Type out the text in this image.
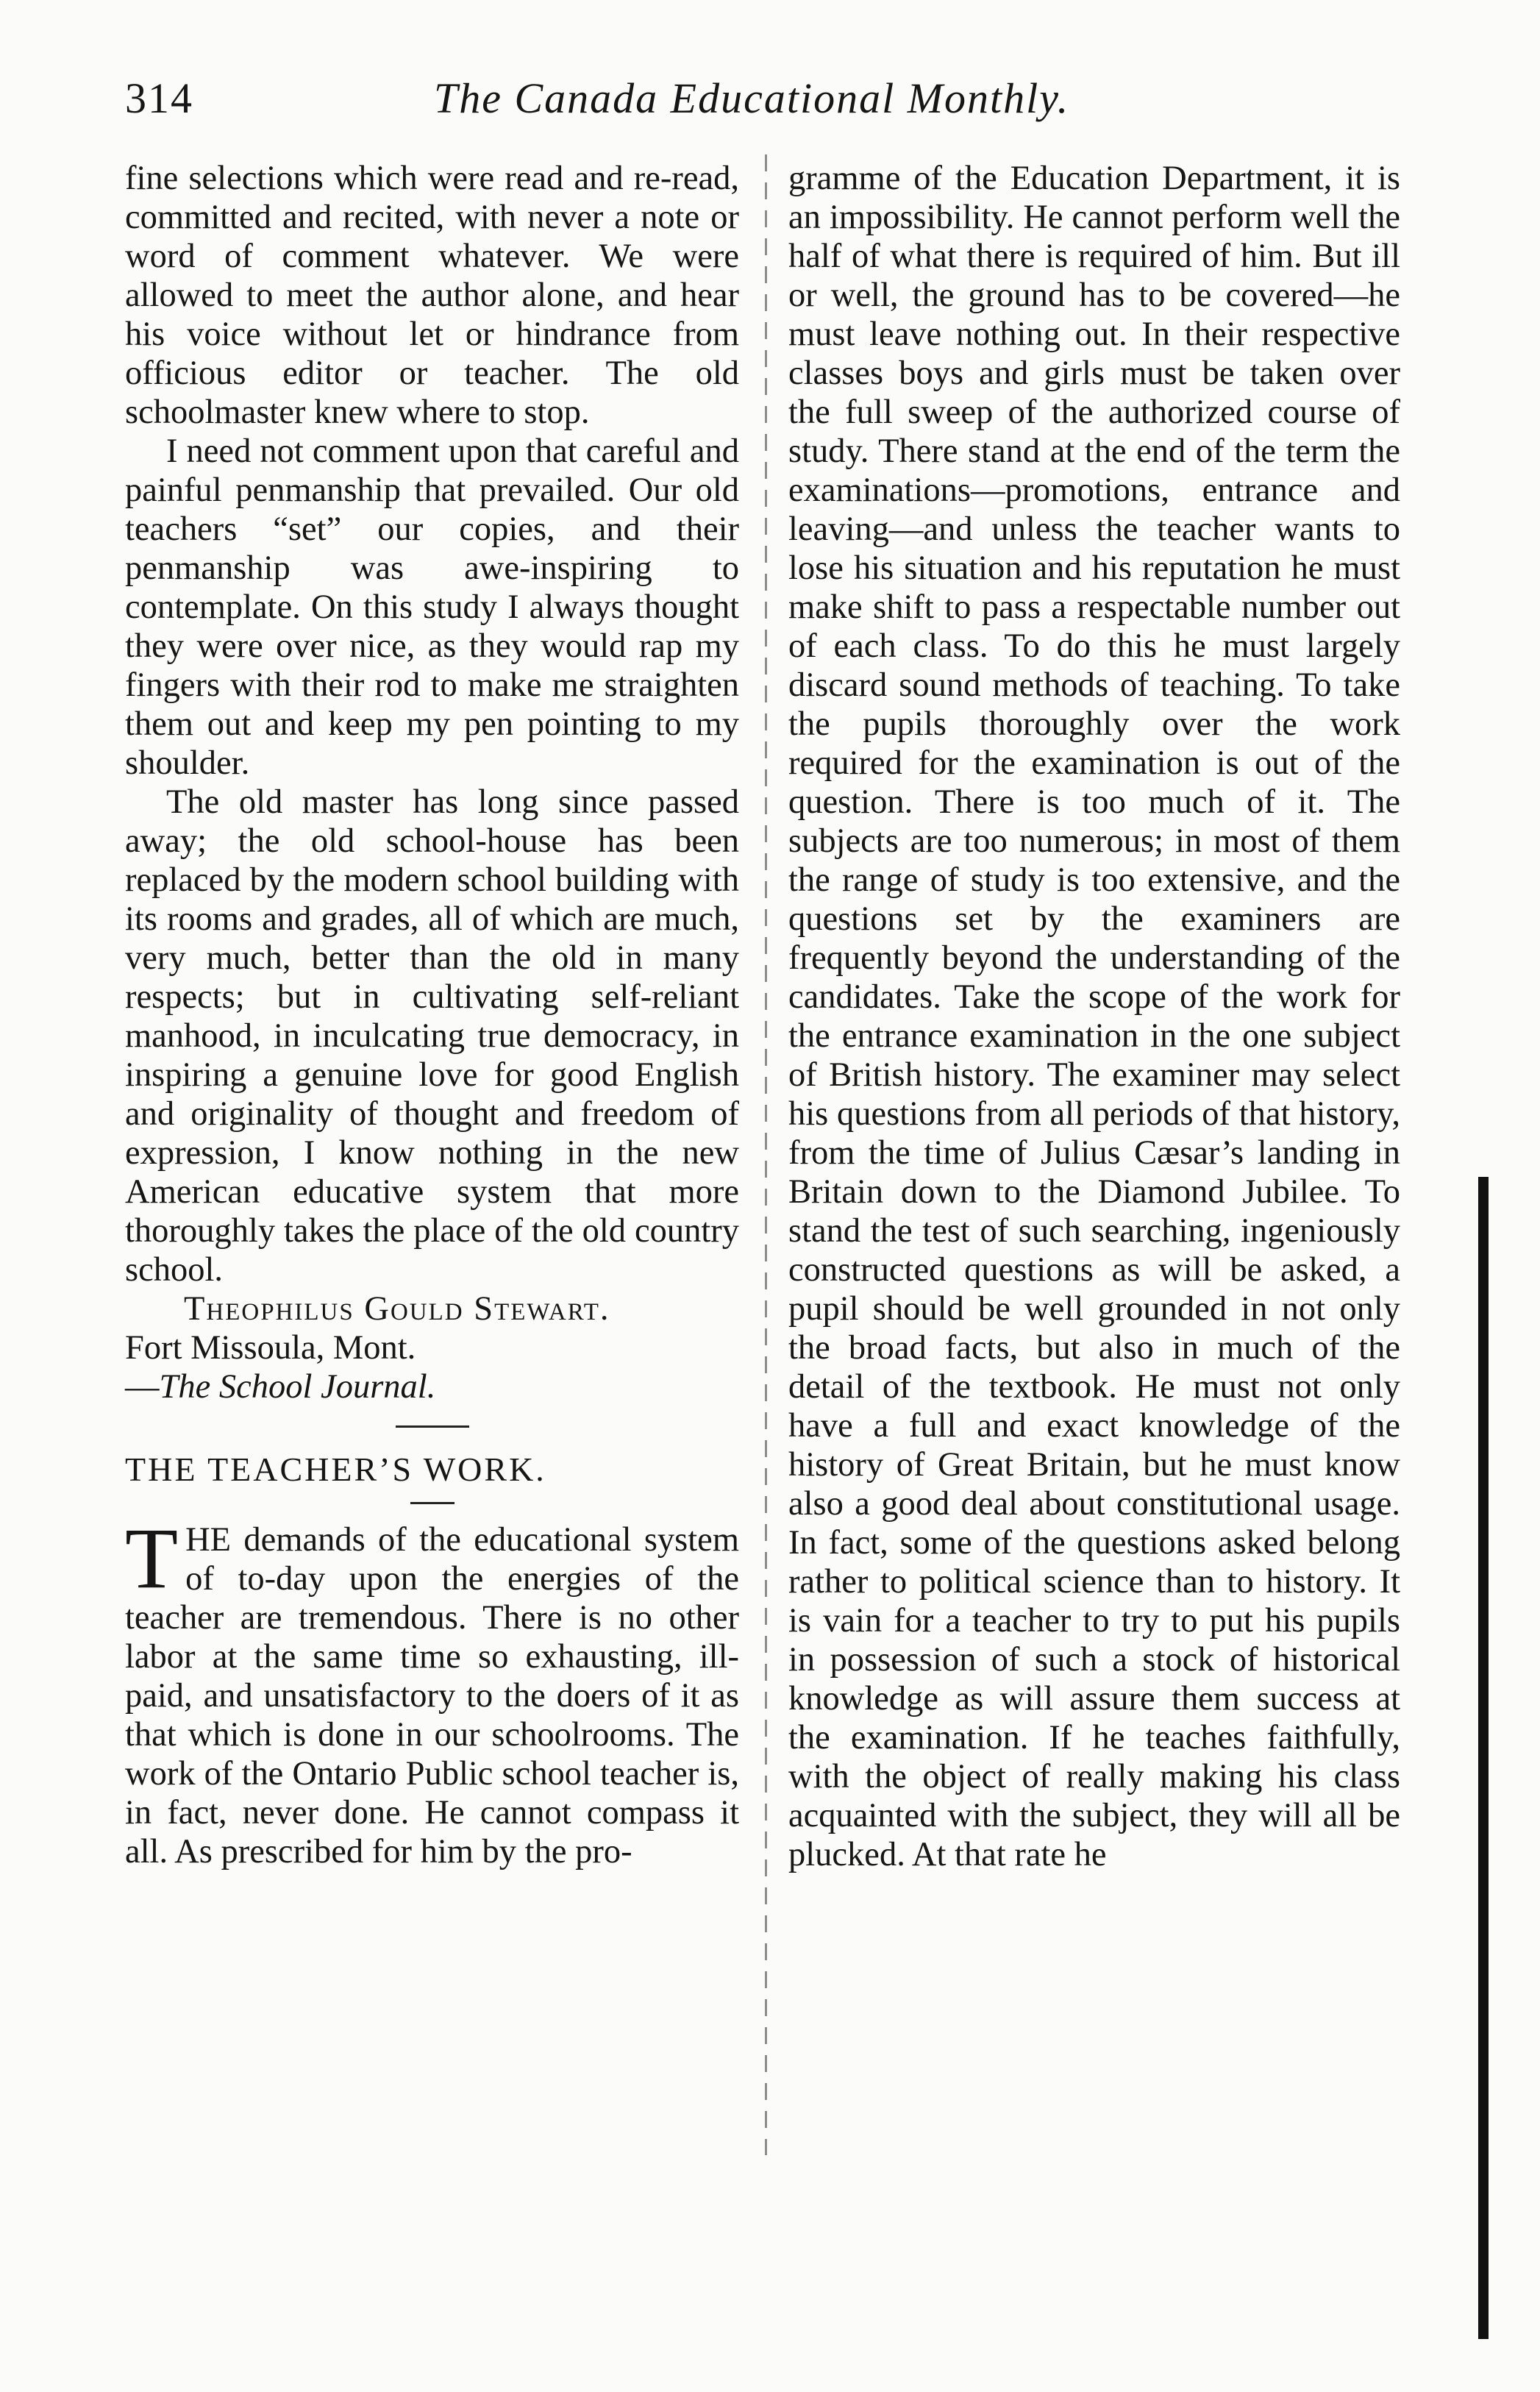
314	The Canada Educational Monthly.

fine selections which were read and re-read, committed and recited, with never a note or word of comment whatever. We were allowed to meet the author alone, and hear his voice without let or hindrance from officious editor or teacher. The old schoolmaster knew where to stop.

I need not comment upon that careful and painful penmanship that prevailed. Our old teachers “set” our copies, and their penmanship was awe-inspiring to contemplate. On this study I always thought they were over nice, as they would rap my fingers with their rod to make me straighten them out and keep my pen pointing to my shoulder.

The old master has long since passed away; the old school-house has been replaced by the modern school building with its rooms and grades, all of which are much, very much, better than the old in many respects; but in cultivating self-reliant manhood, in inculcating true democracy, in inspiring a genuine love for good English and originality of thought and freedom of expression, I know nothing in the new American educative system that more thoroughly takes the place of the old country school.

Theophilus Gould Stewart.

Fort Missoula, Mont.

—The School Journal.

THE TEACHER’S WORK.

THE demands of the educational system of to-day upon the energies of the teacher are tremendous. There is no other labor at the same time so exhausting, ill-paid, and unsatisfactory to the doers of it as that which is done in our schoolrooms. The work of the Ontario Public school teacher is, in fact, never done. He cannot compass it all. As prescribed for him by the pro-

gramme of the Education Department, it is an impossibility. He cannot perform well the half of what there is required of him. But ill or well, the ground has to be covered—he must leave nothing out. In their respective classes boys and girls must be taken over the full sweep of the authorized course of study. There stand at the end of the term the examinations—promotions, entrance and leaving—and unless the teacher wants to lose his situation and his reputation he must make shift to pass a respectable number out of each class. To do this he must largely discard sound methods of teaching. To take the pupils thoroughly over the work required for the examination is out of the question. There is too much of it. The subjects are too numerous; in most of them the range of study is too extensive, and the questions set by the examiners are frequently beyond the understanding of the candidates. Take the scope of the work for the entrance examination in the one subject of British history. The examiner may select his questions from all periods of that history, from the time of Julius Cæsar’s landing in Britain down to the Diamond Jubilee. To stand the test of such searching, ingeniously constructed questions as will be asked, a pupil should be well grounded in not only the broad facts, but also in much of the detail of the textbook. He must not only have a full and exact knowledge of the history of Great Britain, but he must know also a good deal about constitutional usage. In fact, some of the questions asked belong rather to political science than to history. It is vain for a teacher to try to put his pupils in possession of such a stock of historical knowledge as will assure them success at the examination. If he teaches faithfully, with the object of really making his class acquainted with the subject, they will all be plucked. At that rate he
